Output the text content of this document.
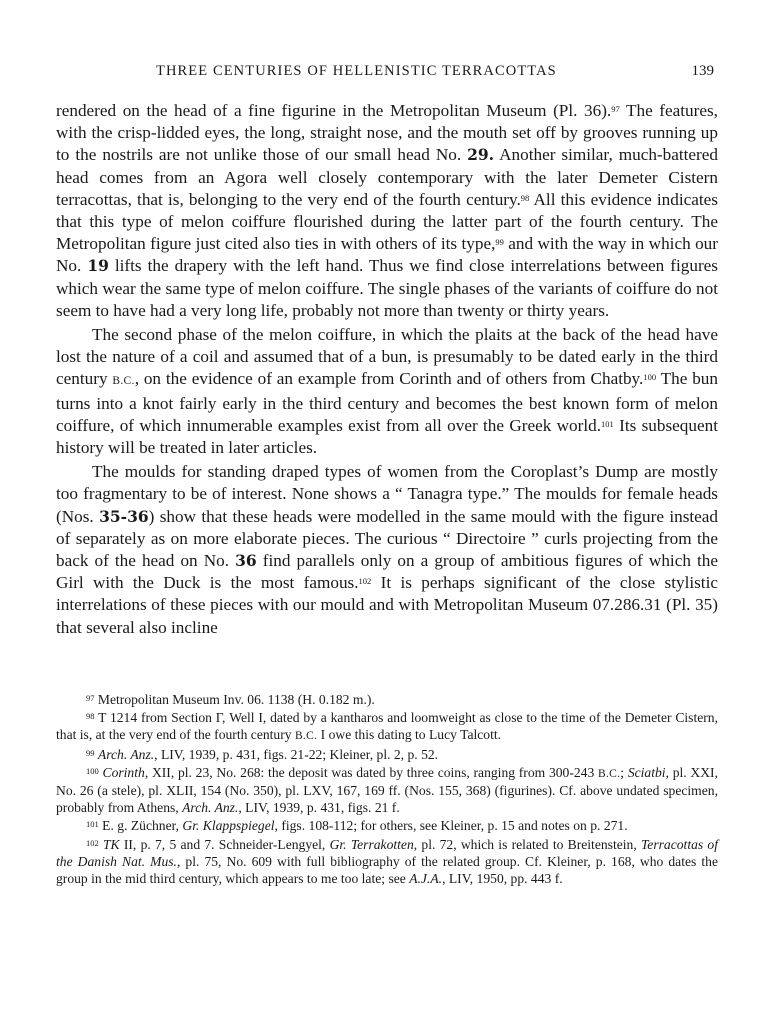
THREE CENTURIES OF HELLENISTIC TERRACOTTAS	139

rendered on the head of a fine figurine in the Metropolitan Museum (Pl. 36).$^{97}$ The features, with the crisp-lidded eyes, the long, straight nose, and the mouth set off by grooves running up to the nostrils are not unlike those of our small head No. 29. Another similar, much-battered head comes from an Agora well closely contemporary with the later Demeter Cistern terracottas, that is, belonging to the very end of the fourth century.$^{98}$ All this evidence indicates that this type of melon coiffure flourished during the latter part of the fourth century. The Metropolitan figure just cited also ties in with others of its type,$^{99}$ and with the way in which our No. 19 lifts the drapery with the left hand. Thus we find close interrelations between figures which wear the same type of melon coiffure. The single phases of the variants of coiffure do not seem to have had a very long life, probably not more than twenty or thirty years.

The second phase of the melon coiffure, in which the plaits at the back of the head have lost the nature of a coil and assumed that of a bun, is presumably to be dated early in the third century B.C., on the evidence of an example from Corinth and of others from Chatby.$^{100}$ The bun turns into a knot fairly early in the third century and becomes the best known form of melon coiffure, of which innumerable examples exist from all over the Greek world.$^{101}$ Its subsequent history will be treated in later articles.

The moulds for standing draped types of women from the Coroplast’s Dump are mostly too fragmentary to be of interest. None shows a “ Tanagra type.” The moulds for female heads (Nos. 35-36) show that these heads were modelled in the same mould with the figure instead of separately as on more elaborate pieces. The curious “ Directoire ” curls projecting from the back of the head on No. 36 find parallels only on a group of ambitious figures of which the Girl with the Duck is the most famous.$^{102}$ It is perhaps significant of the close stylistic interrelations of these pieces with our mould and with Metropolitan Museum 07.286.31 (Pl. 35) that several also incline

$^{97}$ Metropolitan Museum Inv. 06. 1138 (H. 0.182 m.).

$^{98}$ T 1214 from Section Γ, Well I, dated by a kantharos and loomweight as close to the time of the Demeter Cistern, that is, at the very end of the fourth century B.C. I owe this dating to Lucy Talcott.

$^{99}$ Arch. Anz., LIV, 1939, p. 431, figs. 21-22; Kleiner, pl. 2, p. 52.

$^{100}$ Corinth, XII, pl. 23, No. 268: the deposit was dated by three coins, ranging from 300-243 B.C.; Sciatbi, pl. XXI, No. 26 (a stele), pl. XLII, 154 (No. 350), pl. LXV, 167, 169 ff. (Nos. 155, 368) (figurines). Cf. above undated specimen, probably from Athens, Arch. Anz., LIV, 1939, p. 431, figs. 21 f.

$^{101}$ E. g. Züchner, Gr. Klappspiegel, figs. 108-112; for others, see Kleiner, p. 15 and notes on p. 271.

$^{102}$ TK II, p. 7, 5 and 7. Schneider-Lengyel, Gr. Terrakotten, pl. 72, which is related to Breitenstein, Terracottas of the Danish Nat. Mus., pl. 75, No. 609 with full bibliography of the related group. Cf. Kleiner, p. 168, who dates the group in the mid third century, which appears to me too late; see A.J.A., LIV, 1950, pp. 443 f.
